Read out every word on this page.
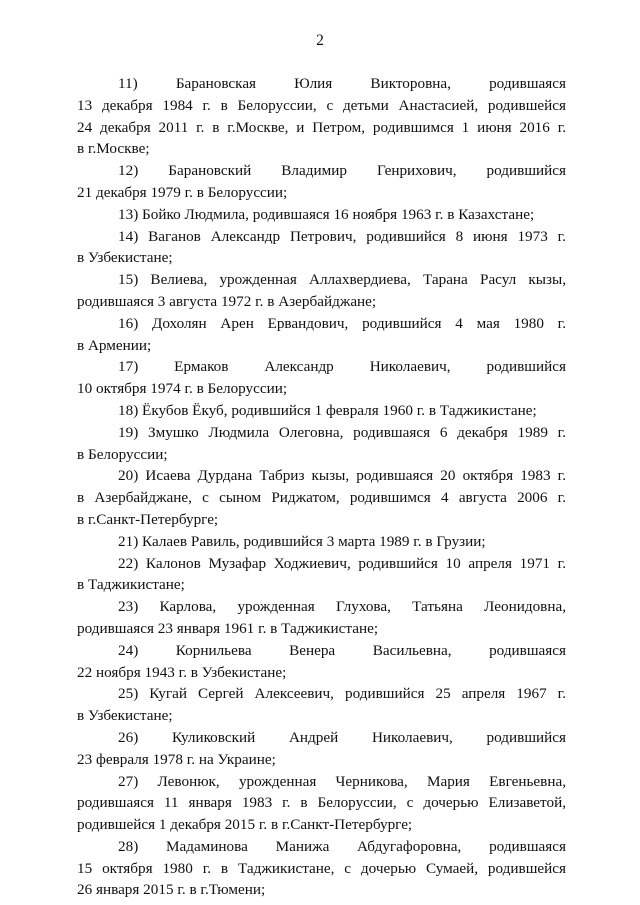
2
11) Барановская Юлия Викторовна, родившаяся
13 декабря 1984 г. в Белоруссии, с детьми Анастасией, родившейся
24 декабря 2011 г. в г.Москве, и Петром, родившимся 1 июня 2016 г.
в г.Москве;
12) Барановский Владимир Генрихович, родившийся
21 декабря 1979 г. в Белоруссии;
13) Бойко Людмила, родившаяся 16 ноября 1963 г. в Казахстане;
14) Ваганов Александр Петрович, родившийся 8 июня 1973 г.
в Узбекистане;
15) Велиева, урожденная Аллахвердиева, Тарана Расул кызы,
родившаяся 3 августа 1972 г. в Азербайджане;
16) Дохолян Арен Ервандович, родившийся 4 мая 1980 г.
в Армении;
17) Ермаков Александр Николаевич, родившийся
10 октября 1974 г. в Белоруссии;
18) Ёкубов Ёкуб, родившийся 1 февраля 1960 г. в Таджикистане;
19) Змушко Людмила Олеговна, родившаяся 6 декабря 1989 г.
в Белоруссии;
20) Исаева Дурдана Табриз кызы, родившаяся 20 октября 1983 г.
в Азербайджане, с сыном Риджатом, родившимся 4 августа 2006 г.
в г.Санкт-Петербурге;
21) Калаев Равиль, родившийся 3 марта 1989 г. в Грузии;
22) Калонов Музафар Ходжиевич, родившийся 10 апреля 1971 г.
в Таджикистане;
23) Карлова, урожденная Глухова, Татьяна Леонидовна,
родившаяся 23 января 1961 г. в Таджикистане;
24) Корнильева Венера Васильевна, родившаяся
22 ноября 1943 г. в Узбекистане;
25) Кугай Сергей Алексеевич, родившийся 25 апреля 1967 г.
в Узбекистане;
26) Куликовский Андрей Николаевич, родившийся
23 февраля 1978 г. на Украине;
27) Левонюк, урожденная Черникова, Мария Евгеньевна,
родившаяся 11 января 1983 г. в Белоруссии, с дочерью Елизаветой,
родившейся 1 декабря 2015 г. в г.Санкт-Петербурге;
28) Мадаминова Манижа Абдугафоровна, родившаяся
15 октября 1980 г. в Таджикистане, с дочерью Сумаей, родившейся
26 января 2015 г. в г.Тюмени;
